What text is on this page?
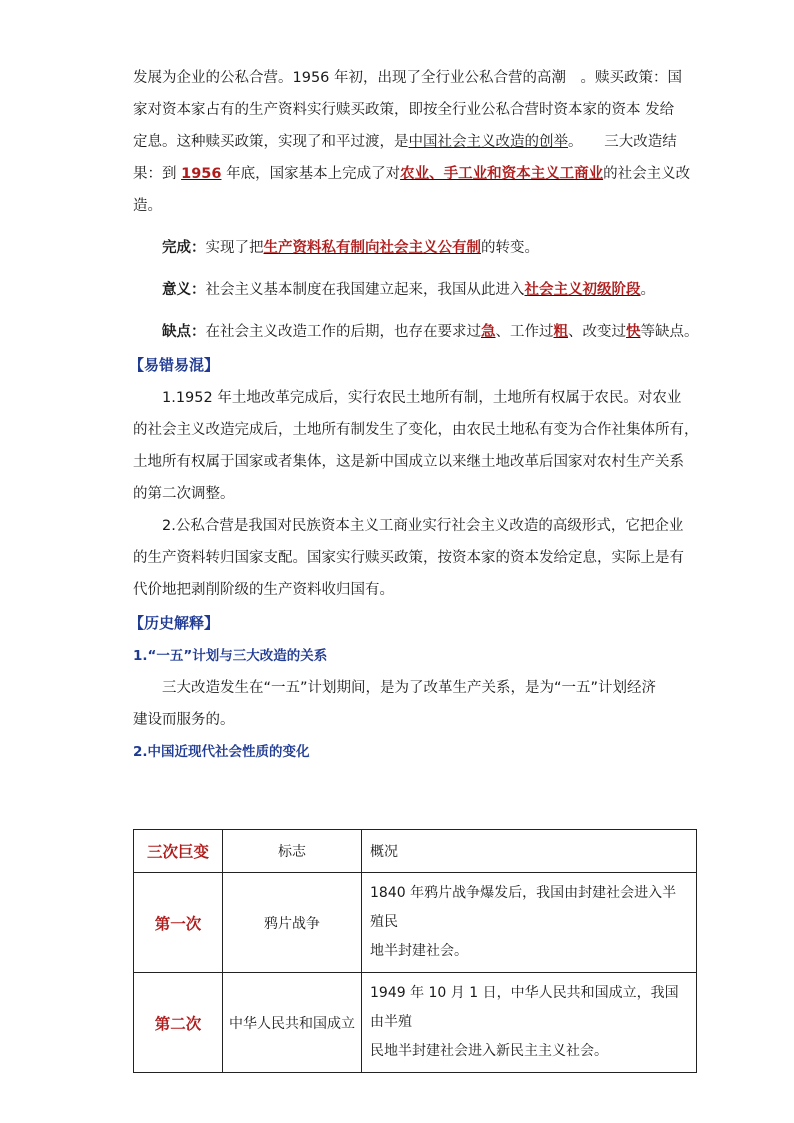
发展为企业的公私合营。1956 年初，出现了全行业公私合营的高潮　。赎买政策：国

家对资本家占有的生产资料实行赎买政策，即按全行业公私合营时资本家的资本 发给

定息。这种赎买政策，实现了和平过渡，是中国社会主义改造的创举。　　三大改造结

果：到 1956 年底，国家基本上完成了对农业、手工业和资本主义工商业的社会主义改

造。

完成：实现了把生产资料私有制向社会主义公有制的转变。

意义：社会主义基本制度在我国建立起来，我国从此进入社会主义初级阶段。

缺点：在社会主义改造工作的后期，也存在要求过急、工作过粗、改变过快等缺点。

【易错易混】

1.1952 年土地改革完成后，实行农民土地所有制，土地所有权属于农民。对农业

的社会主义改造完成后，土地所有制发生了变化，由农民土地私有变为合作社集体所有，

土地所有权属于国家或者集体，这是新中国成立以来继土地改革后国家对农村生产关系

的第二次调整。

2.公私合营是我国对民族资本主义工商业实行社会主义改造的高级形式，它把企业

的生产资料转归国家支配。国家实行赎买政策，按资本家的资本发给定息，实际上是有

代价地把剥削阶级的生产资料收归国有。

【历史解释】

1.“一五”计划与三大改造的关系

三大改造发生在“一五”计划期间，是为了改革生产关系，是为“一五”计划经济

建设而服务的。

2.中国近现代社会性质的变化

三次巨变	标志	概况
第一次	鸦片战争	1840 年鸦片战争爆发后，我国由封建社会进入半殖民
地半封建社会。
第二次	中华人民共和国成立	1949 年 10 月 1 日，中华人民共和国成立，我国由半殖
民地半封建社会进入新民主主义社会。
